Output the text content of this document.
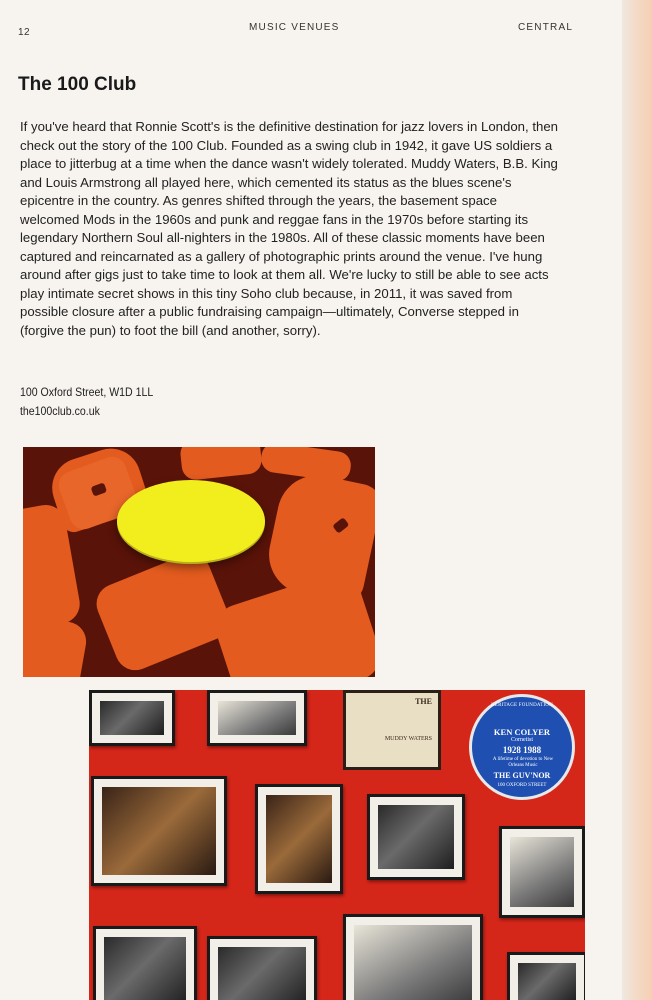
12	MUSIC VENUES	CENTRAL
The 100 Club

If you've heard that Ronnie Scott's is the definitive destination for jazz lovers in London, then check out the story of the 100 Club. Founded as a swing club in 1942, it gave US soldiers a place to jitterbug at a time when the dance wasn't widely tolerated. Muddy Waters, B.B. King and Louis Armstrong all played here, which cemented its status as the blues scene's epicentre in the country. As genres shifted through the years, the basement space welcomed Mods in the 1960s and punk and reggae fans in the 1970s before starting its legendary Northern Soul all-nighters in the 1980s. All of these classic moments have been captured and reincarnated as a gallery of photographic prints around the venue. I've hung around after gigs just to take time to look at them all. We're lucky to still be able to see acts play intimate secret shows in this tiny Soho club because, in 2011, it was saved from possible closure after a public fundraising campaign—ultimately, Converse stepped in (forgive the pun) to foot the bill (and another, sorry).

100 Oxford Street, W1D 1LL
the100club.co.uk
THE
MUDDY WATERS
HERITAGE FOUNDATION
KEN COLYER
Cornetist
1928 1988
A lifetime of devotion to New Orleans Music
THE GUV'NOR
100 OXFORD STREET
